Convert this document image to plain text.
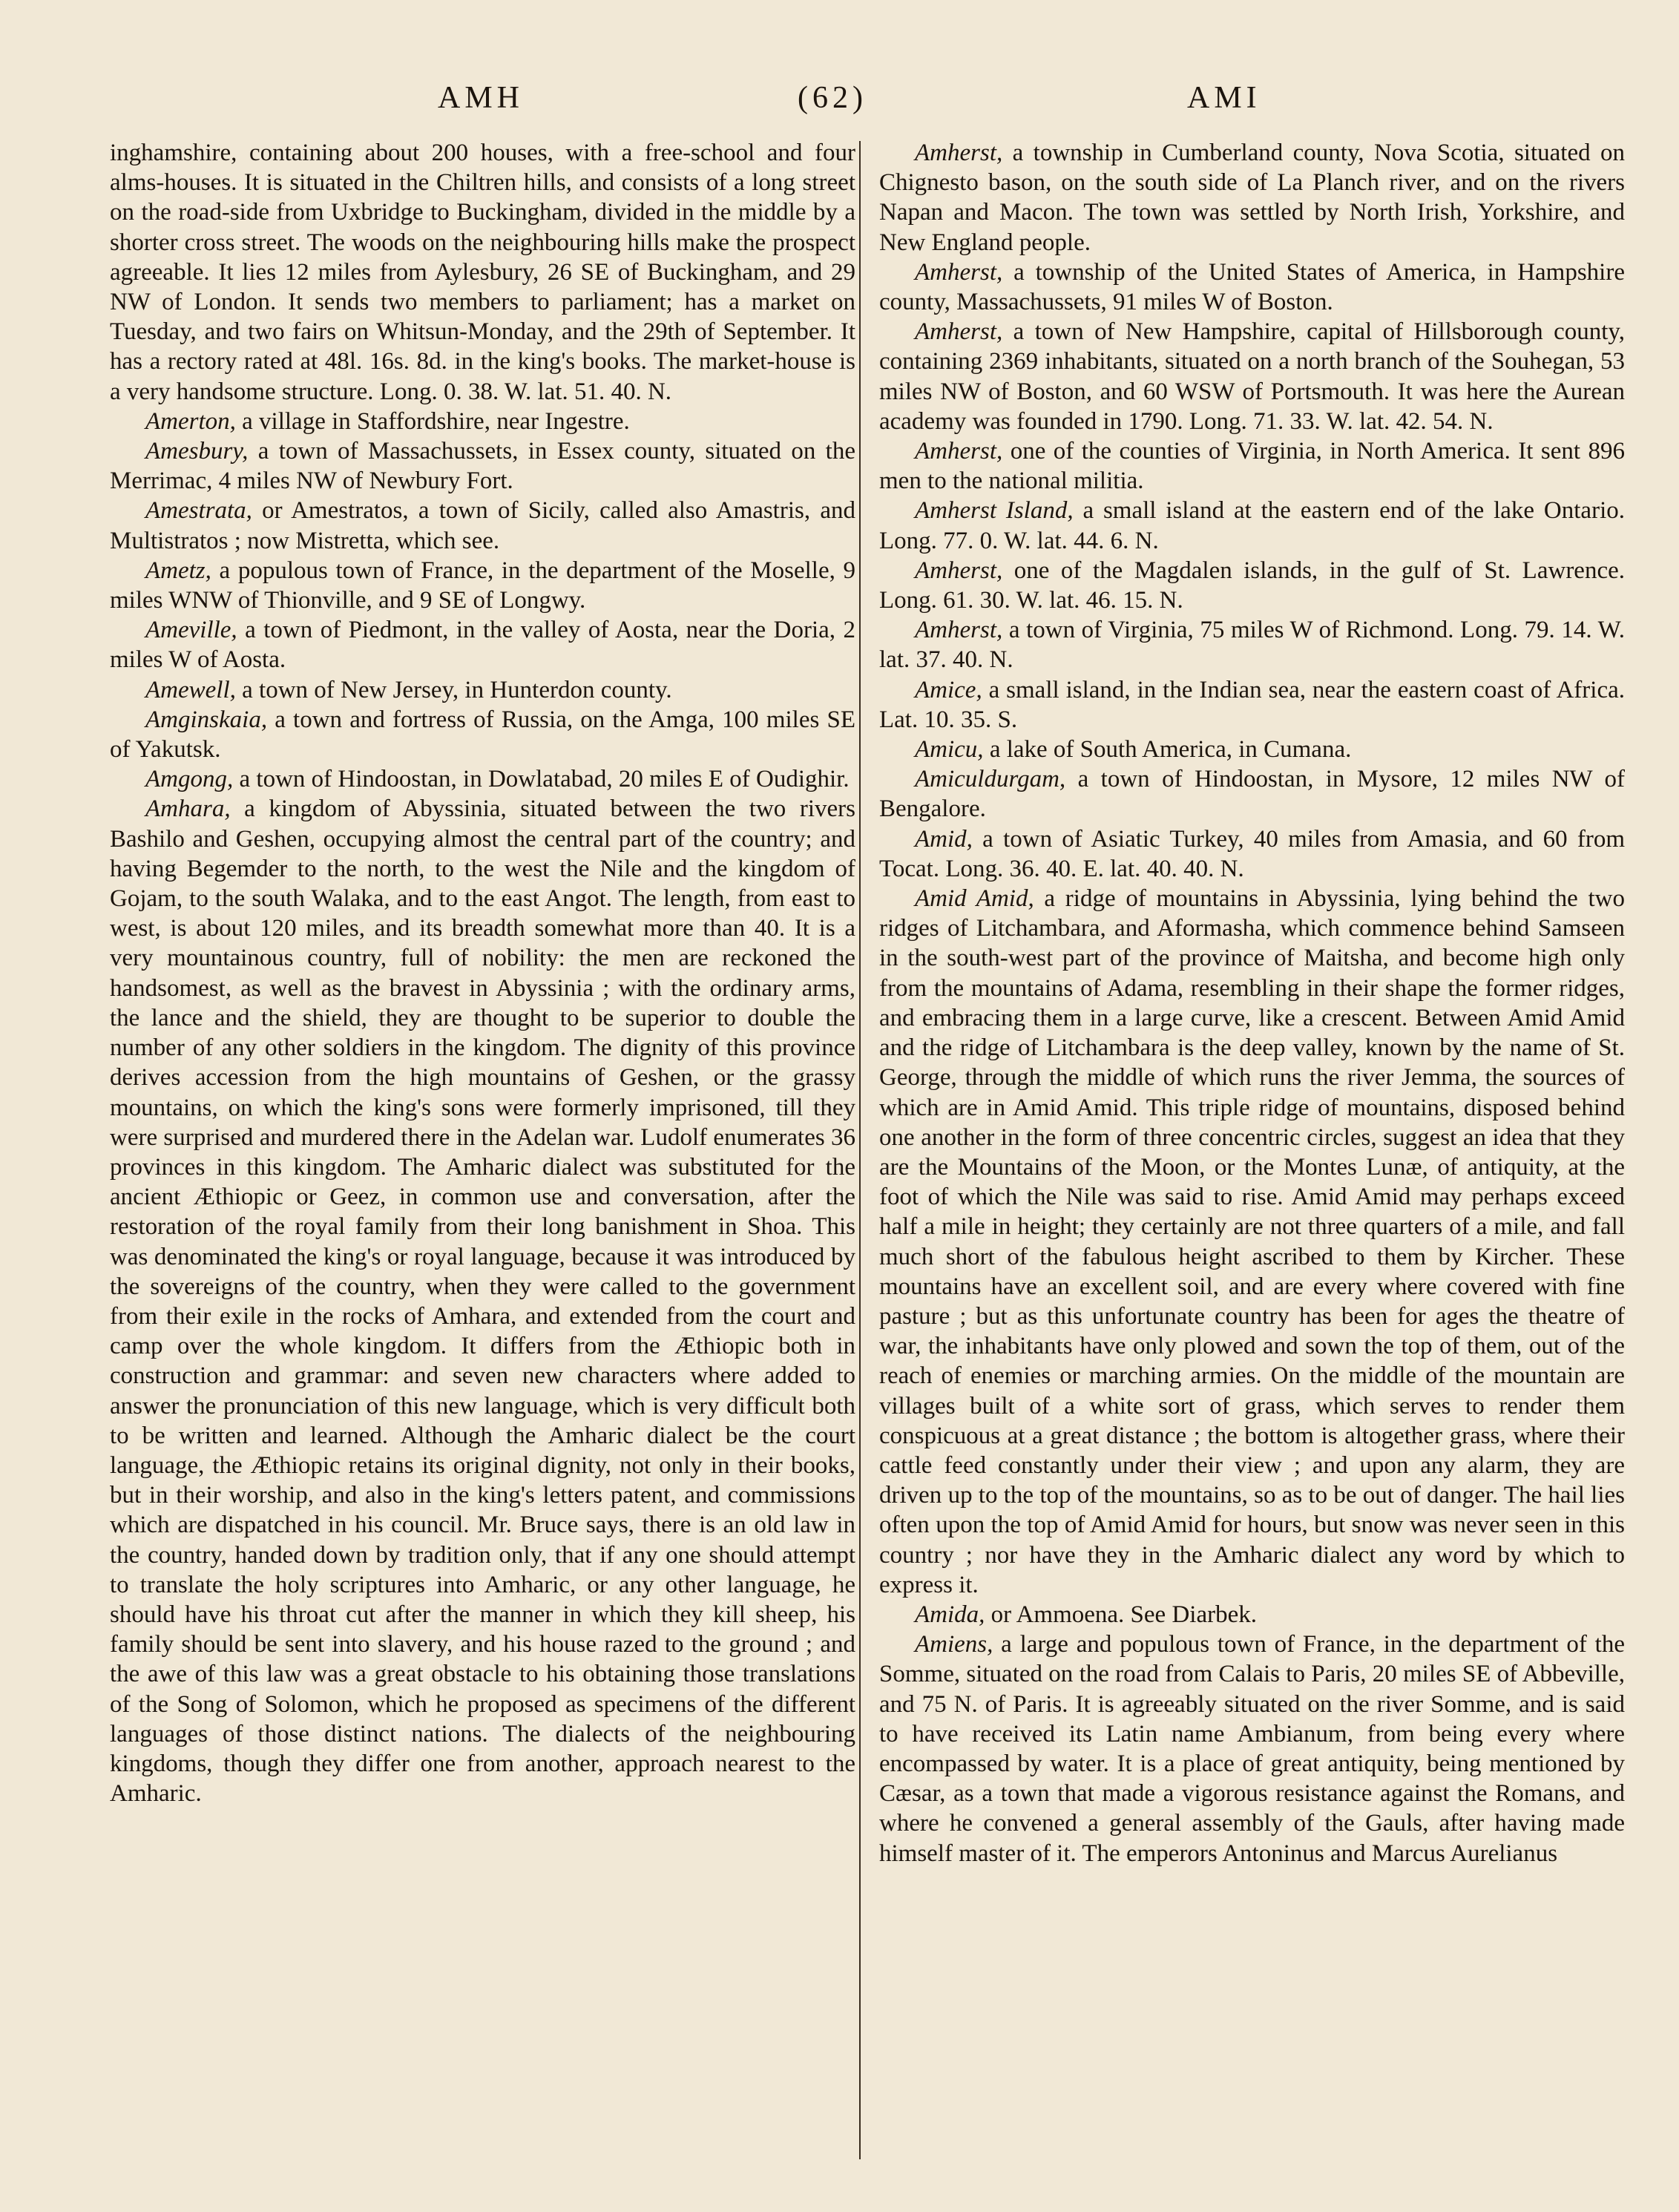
AMH	(62)	AMI

inghamshire, containing about 200 houses, with a free-school and four alms-houses. It is situated in the Chiltren hills, and consists of a long street on the road-side from Uxbridge to Buckingham, divided in the middle by a shorter cross street. The woods on the neighbouring hills make the prospect agreeable. It lies 12 miles from Aylesbury, 26 SE of Buckingham, and 29 NW of London. It sends two members to parliament; has a market on Tuesday, and two fairs on Whitsun-Monday, and the 29th of September. It has a rectory rated at 48l. 16s. 8d. in the king's books. The market-house is a very handsome structure. Long. 0. 38. W. lat. 51. 40. N.

Amerton, a village in Staffordshire, near Ingestre.

Amesbury, a town of Massachussets, in Essex county, situated on the Merrimac, 4 miles NW of Newbury Fort.

Amestrata, or Amestratos, a town of Sicily, called also Amastris, and Multistratos ; now Mistretta, which see.

Ametz, a populous town of France, in the department of the Moselle, 9 miles WNW of Thionville, and 9 SE of Longwy.

Ameville, a town of Piedmont, in the valley of Aosta, near the Doria, 2 miles W of Aosta.

Amewell, a town of New Jersey, in Hunterdon county.

Amginskaia, a town and fortress of Russia, on the Amga, 100 miles SE of Yakutsk.

Amgong, a town of Hindoostan, in Dowlatabad, 20 miles E of Oudighir.

Amhara, a kingdom of Abyssinia, situated between the two rivers Bashilo and Geshen, occupying almost the central part of the country; and having Begemder to the north, to the west the Nile and the kingdom of Gojam, to the south Walaka, and to the east Angot. The length, from east to west, is about 120 miles, and its breadth somewhat more than 40. It is a very mountainous country, full of nobility: the men are reckoned the handsomest, as well as the bravest in Abyssinia ; with the ordinary arms, the lance and the shield, they are thought to be superior to double the number of any other soldiers in the kingdom. The dignity of this province derives accession from the high mountains of Geshen, or the grassy mountains, on which the king's sons were formerly imprisoned, till they were surprised and murdered there in the Adelan war. Ludolf enumerates 36 provinces in this kingdom. The Amharic dialect was substituted for the ancient Æthiopic or Geez, in common use and conversation, after the restoration of the royal family from their long banishment in Shoa. This was denominated the king's or royal language, because it was introduced by the sovereigns of the country, when they were called to the government from their exile in the rocks of Amhara, and extended from the court and camp over the whole kingdom. It differs from the Æthiopic both in construction and grammar: and seven new characters where added to answer the pronunciation of this new language, which is very difficult both to be written and learned. Although the Amharic dialect be the court language, the Æthiopic retains its original dignity, not only in their books, but in their worship, and also in the king's letters patent, and commissions which are dispatched in his council. Mr. Bruce says, there is an old law in the country, handed down by tradition only, that if any one should attempt to translate the holy scriptures into Amharic, or any other language, he should have his throat cut after the manner in which they kill sheep, his family should be sent into slavery, and his house razed to the ground ; and the awe of this law was a great obstacle to his obtaining those translations of the Song of Solomon, which he proposed as specimens of the different languages of those distinct nations. The dialects of the neighbouring kingdoms, though they differ one from another, approach nearest to the Amharic.

Amherst, a township in Cumberland county, Nova Scotia, situated on Chignesto bason, on the south side of La Planch river, and on the rivers Napan and Macon. The town was settled by North Irish, Yorkshire, and New England people.

Amherst, a township of the United States of America, in Hampshire county, Massachussets, 91 miles W of Boston.

Amherst, a town of New Hampshire, capital of Hillsborough county, containing 2369 inhabitants, situated on a north branch of the Souhegan, 53 miles NW of Boston, and 60 WSW of Portsmouth. It was here the Aurean academy was founded in 1790. Long. 71. 33. W. lat. 42. 54. N.

Amherst, one of the counties of Virginia, in North America. It sent 896 men to the national militia.

Amherst Island, a small island at the eastern end of the lake Ontario. Long. 77. 0. W. lat. 44. 6. N.

Amherst, one of the Magdalen islands, in the gulf of St. Lawrence. Long. 61. 30. W. lat. 46. 15. N.

Amherst, a town of Virginia, 75 miles W of Richmond. Long. 79. 14. W. lat. 37. 40. N.

Amice, a small island, in the Indian sea, near the eastern coast of Africa. Lat. 10. 35. S.

Amicu, a lake of South America, in Cumana.

Amiculdurgam, a town of Hindoostan, in Mysore, 12 miles NW of Bengalore.

Amid, a town of Asiatic Turkey, 40 miles from Amasia, and 60 from Tocat. Long. 36. 40. E. lat. 40. 40. N.

Amid Amid, a ridge of mountains in Abyssinia, lying behind the two ridges of Litchambara, and Aformasha, which commence behind Samseen in the south-west part of the province of Maitsha, and become high only from the mountains of Adama, resembling in their shape the former ridges, and embracing them in a large curve, like a crescent. Between Amid Amid and the ridge of Litchambara is the deep valley, known by the name of St. George, through the middle of which runs the river Jemma, the sources of which are in Amid Amid. This triple ridge of mountains, disposed behind one another in the form of three concentric circles, suggest an idea that they are the Mountains of the Moon, or the Montes Lunæ, of antiquity, at the foot of which the Nile was said to rise. Amid Amid may perhaps exceed half a mile in height; they certainly are not three quarters of a mile, and fall much short of the fabulous height ascribed to them by Kircher. These mountains have an excellent soil, and are every where covered with fine pasture ; but as this unfortunate country has been for ages the theatre of war, the inhabitants have only plowed and sown the top of them, out of the reach of enemies or marching armies. On the middle of the mountain are villages built of a white sort of grass, which serves to render them conspicuous at a great distance ; the bottom is altogether grass, where their cattle feed constantly under their view ; and upon any alarm, they are driven up to the top of the mountains, so as to be out of danger. The hail lies often upon the top of Amid Amid for hours, but snow was never seen in this country ; nor have they in the Amharic dialect any word by which to express it.

Amida, or Ammoena. See Diarbek.

Amiens, a large and populous town of France, in the department of the Somme, situated on the road from Calais to Paris, 20 miles SE of Abbeville, and 75 N. of Paris. It is agreeably situated on the river Somme, and is said to have received its Latin name Ambianum, from being every where encompassed by water. It is a place of great antiquity, being mentioned by Cæsar, as a town that made a vigorous resistance against the Romans, and where he convened a general assembly of the Gauls, after having made himself master of it. The emperors Antoninus and Marcus Aurelianus
